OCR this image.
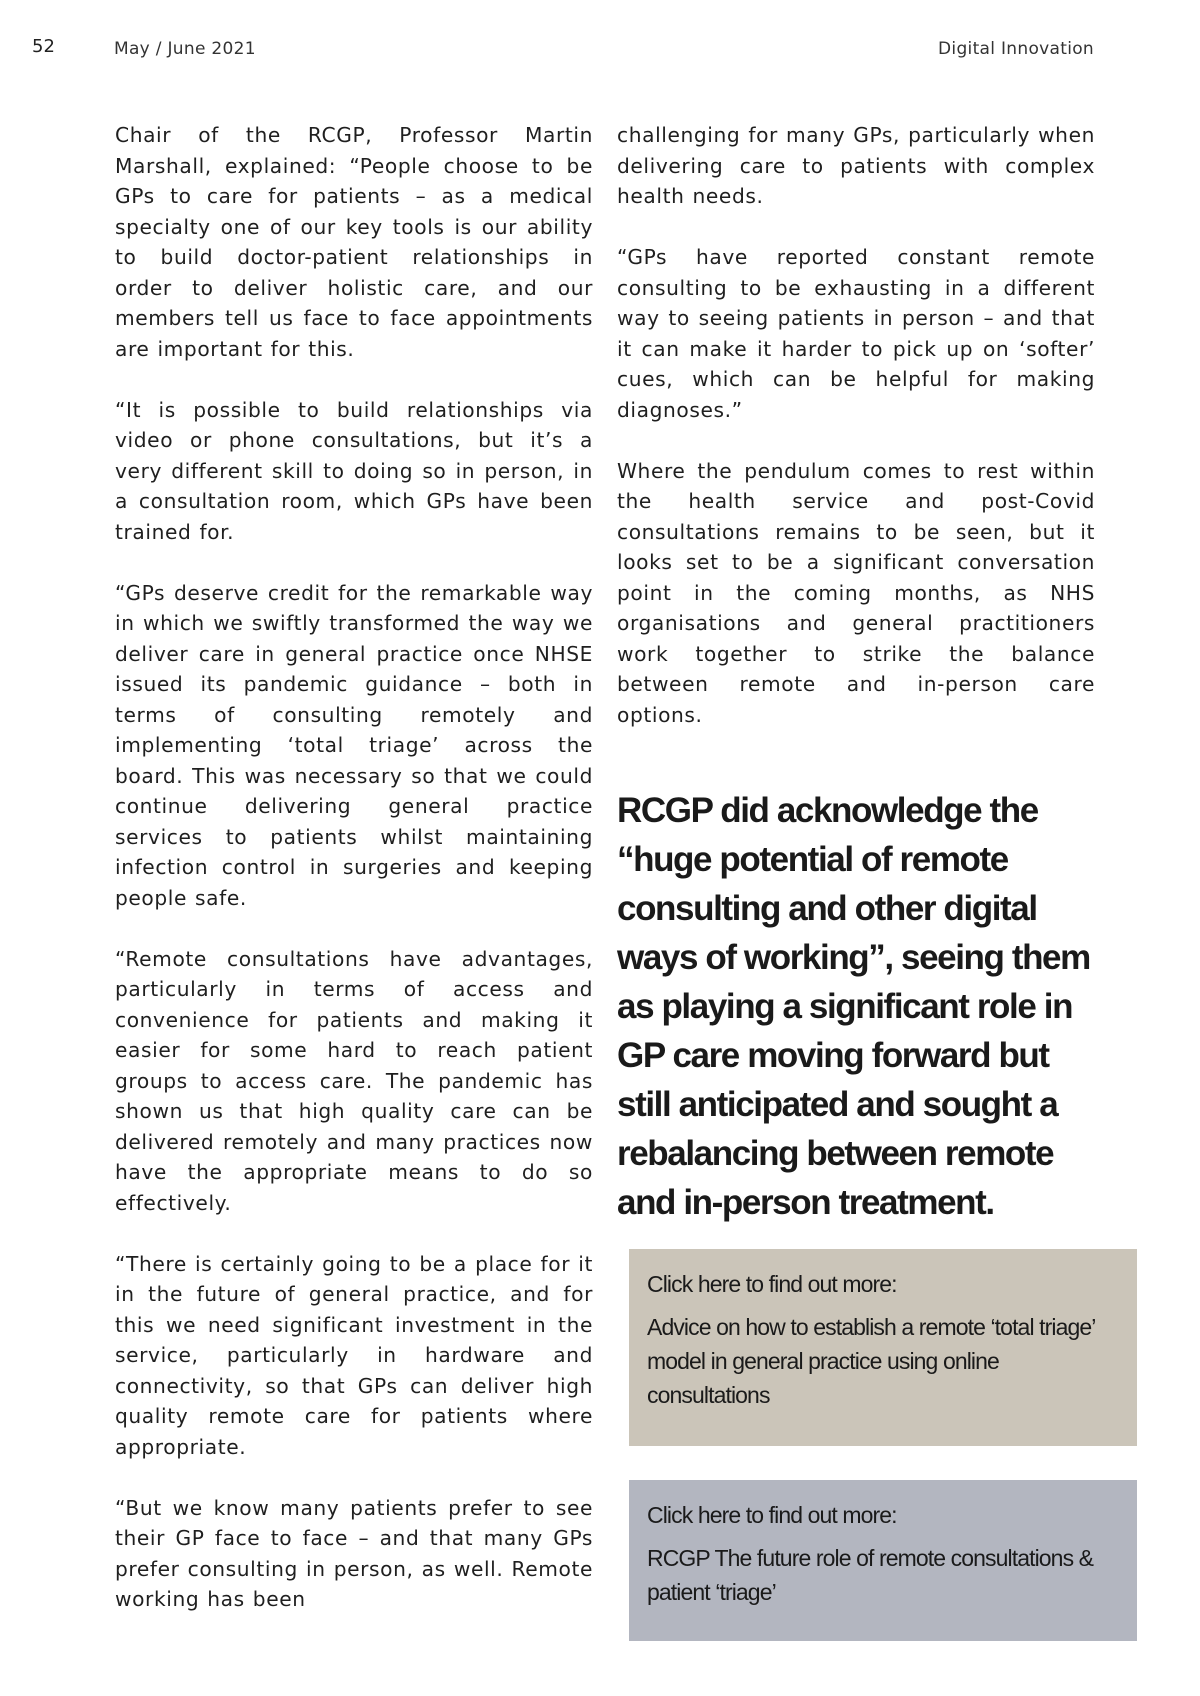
52	May / June 2021	Digital Innovation

Chair of the RCGP, Professor Martin Marshall, explained: “People choose to be GPs to care for patients – as a medical specialty one of our key tools is our ability to build doctor-patient relationships in order to deliver holistic care, and our members tell us face to face appointments are important for this.

“It is possible to build relationships via video or phone consultations, but it’s a very different skill to doing so in person, in a consultation room, which GPs have been trained for.

“GPs deserve credit for the remarkable way in which we swiftly transformed the way we deliver care in general practice once NHSE issued its pandemic guidance – both in terms of consulting remotely and implementing ‘total triage’ across the board. This was necessary so that we could continue delivering general practice services to patients whilst maintaining infection control in surgeries and keeping people safe.

“Remote consultations have advantages, particularly in terms of access and convenience for patients and making it easier for some hard to reach patient groups to access care. The pandemic has shown us that high quality care can be delivered remotely and many practices now have the appropriate means to do so effectively.

“There is certainly going to be a place for it in the future of general practice, and for this we need significant investment in the service, particularly in hardware and connectivity, so that GPs can deliver high quality remote care for patients where appropriate.

“But we know many patients prefer to see their GP face to face – and that many GPs prefer consulting in person, as well. Remote working has been

challenging for many GPs, particularly when delivering care to patients with complex health needs.

“GPs have reported constant remote consulting to be exhausting in a different way to seeing patients in person – and that it can make it harder to pick up on ‘softer’ cues, which can be helpful for making diagnoses.”

Where the pendulum comes to rest within the health service and post-Covid consultations remains to be seen, but it looks set to be a significant conversation point in the coming months, as NHS organisations and general practitioners work together to strike the balance between remote and in-person care options.

RCGP did acknowledge the “huge potential of remote consulting and other digital ways of working”, seeing them as playing a significant role in GP care moving forward but still anticipated and sought a rebalancing between remote and in-person treatment.

Click here to find out more:
Advice on how to establish a remote ‘total triage’ model in general practice using online consultations
Click here to find out more:
RCGP The future role of remote consultations & patient ‘triage’
